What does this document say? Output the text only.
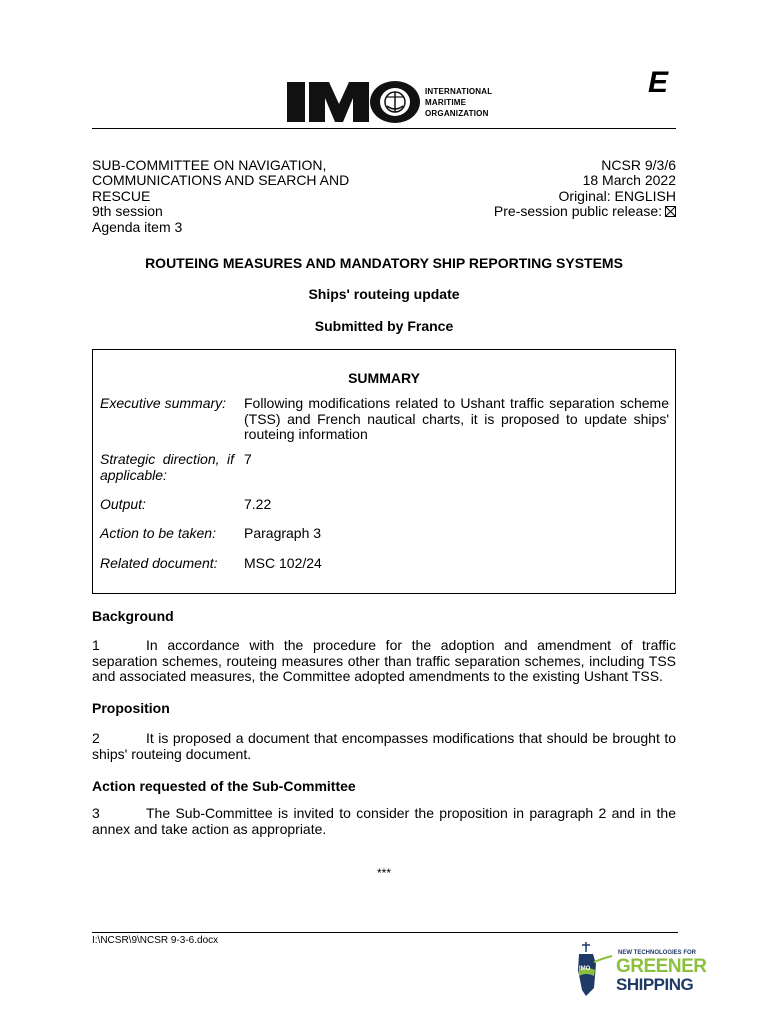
INTERNATIONAL
MARITIME
ORGANIZATION
E
SUB-COMMITTEE ON NAVIGATION,
COMMUNICATIONS AND SEARCH AND
RESCUE
9th session
Agenda item 3
NCSR 9/3/6
18 March 2022
Original: ENGLISH
Pre-session public release:
ROUTEING MEASURES AND MANDATORY SHIP REPORTING SYSTEMS
Ships' routeing update
Submitted by France
SUMMARY
Executive summary:	Following modifications related to Ushant traffic separation scheme (TSS) and French nautical charts, it is proposed to update ships' routeing information
Strategic direction, if applicable:
7
Output:	7.22
Action to be taken:	Paragraph 3
Related document:	MSC 102/24
Background
1	In accordance with the procedure for the adoption and amendment of traffic separation schemes, routeing measures other than traffic separation schemes, including TSS and associated measures, the Committee adopted amendments to the existing Ushant TSS.
Proposition
2	It is proposed a document that encompasses modifications that should be brought to ships' routeing document.
Action requested of the Sub-Committee
3	The Sub-Committee is invited to consider the proposition in paragraph 2 and in the annex and take action as appropriate.
***
I:\NCSR\9\NCSR 9-3-6.docx
IMO
NEW TECHNOLOGIES FOR
GREENER
SHIPPING
